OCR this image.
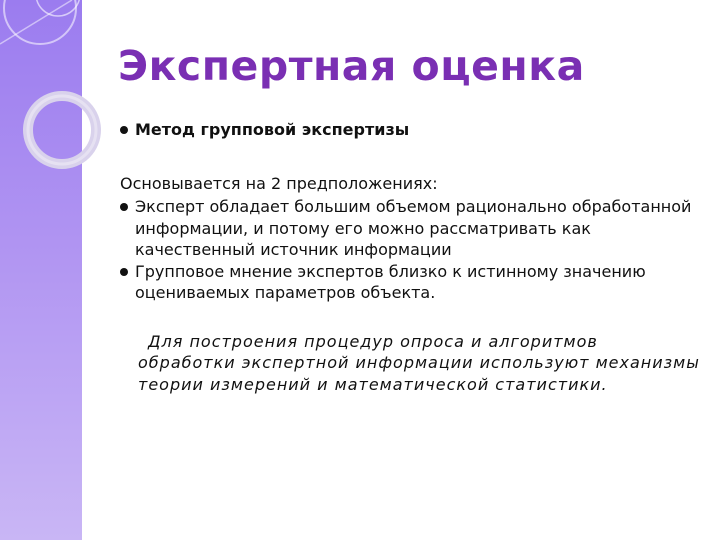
Экспертная оценка
Метод групповой экспертизы

Основывается на 2 предположениях:

Эксперт обладает большим объемом рационально обработанной информации, и потому его можно рассматривать как качественный источник информации
Групповое мнение экспертов близко к истинному значению оцениваемых параметров объекта.
Для построения процедур опроса и алгоритмов обработки экспертной информации используют механизмы теории измерений и математической статистики.
